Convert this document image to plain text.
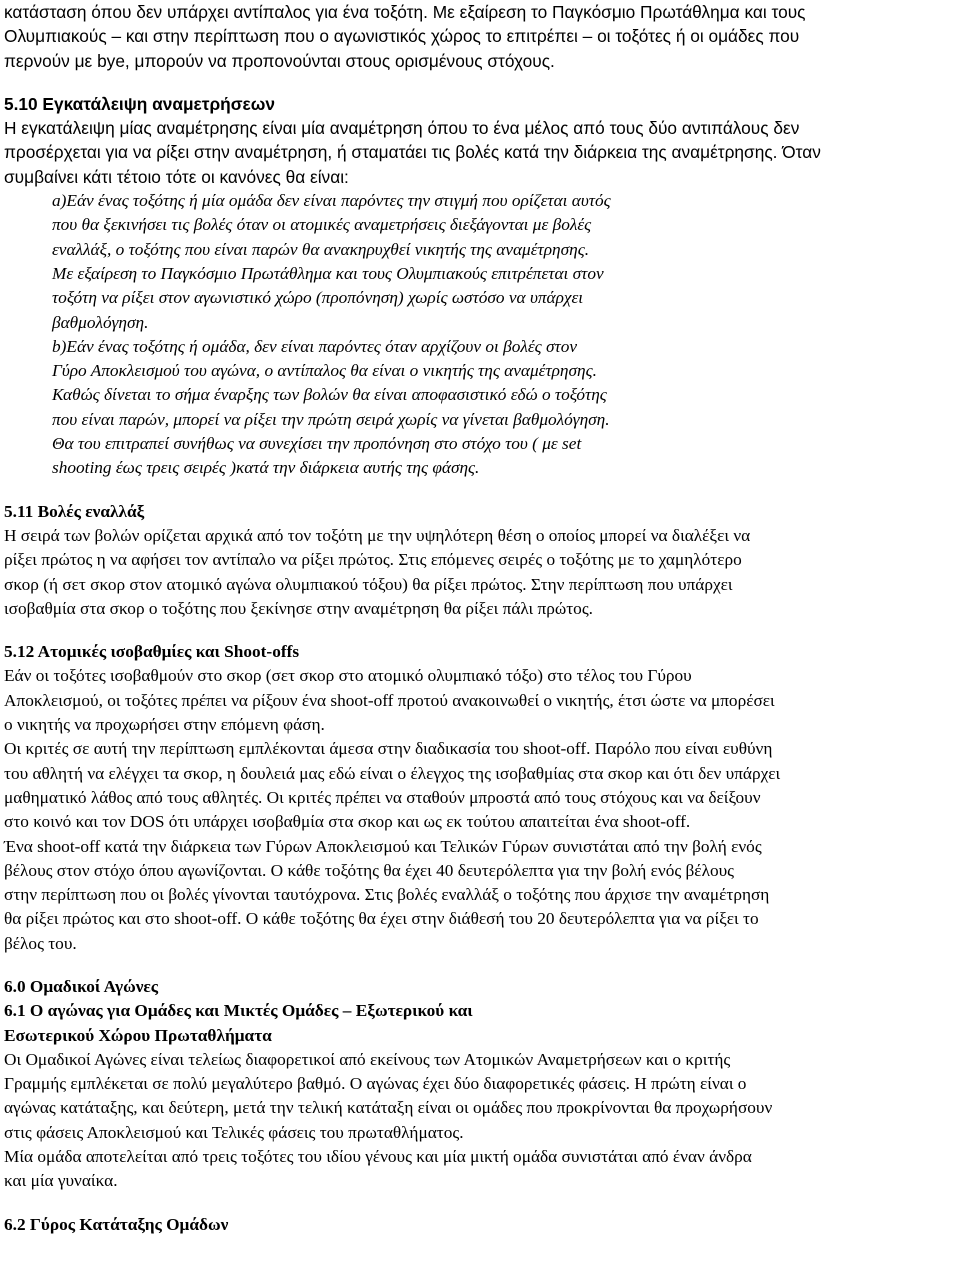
κατάσταση όπου δεν υπάρχει αντίπαλος για ένα τοξότη. Με εξαίρεση το Παγκόσμιο Πρωτάθλημα και τους
Ολυμπιακούς – και στην περίπτωση που ο αγωνιστικός χώρος το επιτρέπει – οι τοξότες ή οι ομάδες που
περνούν με bye, μπορούν να προπονούνται στους ορισμένους στόχους.
5.10 Εγκατάλειψη αναμετρήσεων
Η εγκατάλειψη μίας αναμέτρησης είναι μία αναμέτρηση όπου το ένα μέλος από τους δύο αντιπάλους δεν
προσέρχεται για να ρίξει στην αναμέτρηση, ή σταματάει τις βολές κατά την διάρκεια της αναμέτρησης. Όταν
συμβαίνει κάτι τέτοιο τότε οι κανόνες θα είναι:
a)Εάν ένας τοξότης ή μία ομάδα δεν είναι παρόντες την στιγμή που ορίζεται αυτός
που θα ξεκινήσει τις βολές όταν οι ατομικές αναμετρήσεις διεξάγονται με βολές
εναλλάξ, ο τοξότης που είναι παρών θα ανακηρυχθεί νικητής της αναμέτρησης.
Με εξαίρεση το Παγκόσμιο Πρωτάθλημα και τους Ολυμπιακούς επιτρέπεται στον
τοξότη να ρίξει στον αγωνιστικό χώρο (προπόνηση) χωρίς ωστόσο να υπάρχει
βαθμολόγηση.
b)Εάν ένας τοξότης ή ομάδα, δεν είναι παρόντες όταν αρχίζουν οι βολές στον
Γύρο Αποκλεισμού του αγώνα, ο αντίπαλος θα είναι ο νικητής της αναμέτρησης.
Καθώς δίνεται το σήμα έναρξης των βολών θα είναι αποφασιστικό εδώ ο τοξότης
που είναι παρών, μπορεί να ρίξει την πρώτη σειρά χωρίς να γίνεται βαθμολόγηση.
Θα του επιτραπεί συνήθως να συνεχίσει την προπόνηση στο στόχο του ( με set
shooting έως τρεις σειρές )κατά την διάρκεια αυτής της φάσης.
5.11 Βολές εναλλάξ
Η σειρά των βολών ορίζεται αρχικά από τον τοξότη με την υψηλότερη θέση ο οποίος μπορεί να διαλέξει να
ρίξει πρώτος η να αφήσει τον αντίπαλο να ρίξει πρώτος. Στις επόμενες σειρές ο τοξότης με το χαμηλότερο
σκορ (ή σετ σκορ στον ατομικό αγώνα ολυμπιακού τόξου) θα ρίξει πρώτος. Στην περίπτωση που υπάρχει
ισοβαθμία στα σκορ ο τοξότης που ξεκίνησε στην αναμέτρηση θα ρίξει πάλι πρώτος.
5.12 Ατομικές ισοβαθμίες και Shoot-offs
Εάν οι τοξότες ισοβαθμούν στο σκορ (σετ σκορ στο ατομικό ολυμπιακό τόξο) στο τέλος του Γύρου
Αποκλεισμού, οι τοξότες πρέπει να ρίξουν ένα shoot-off προτού ανακοινωθεί ο νικητής, έτσι ώστε να μπορέσει
ο νικητής να προχωρήσει στην επόμενη φάση.
Οι κριτές σε αυτή την περίπτωση εμπλέκονται άμεσα στην διαδικασία του shoot-off. Παρόλο που είναι ευθύνη
του αθλητή να ελέγχει τα σκορ, η δουλειά μας εδώ είναι ο έλεγχος της ισοβαθμίας στα σκορ και ότι δεν υπάρχει
μαθηματικό λάθος από τους αθλητές. Οι κριτές πρέπει να σταθούν μπροστά από τους στόχους και να δείξουν
στο κοινό και τον DOS ότι υπάρχει ισοβαθμία στα σκορ και ως εκ τούτου απαιτείται ένα shoot-off.
Ένα shoot-off κατά την διάρκεια των Γύρων Αποκλεισμού και Τελικών Γύρων συνιστάται από την βολή ενός
βέλους στον στόχο όπου αγωνίζονται. Ο κάθε τοξότης θα έχει 40 δευτερόλεπτα για την βολή ενός βέλους
στην περίπτωση που οι βολές γίνονται ταυτόχρονα. Στις βολές εναλλάξ ο τοξότης που άρχισε την αναμέτρηση
θα ρίξει πρώτος και στο shoot-off. Ο κάθε τοξότης θα έχει στην διάθεσή του 20 δευτερόλεπτα για να ρίξει το
βέλος του.
6.0 Ομαδικοί Αγώνες
6.1 Ο αγώνας για Ομάδες και Μικτές Ομάδες – Εξωτερικού και
Εσωτερικού Χώρου Πρωταθλήματα
Οι Ομαδικοί Αγώνες είναι τελείως διαφορετικοί από εκείνους των Ατομικών Αναμετρήσεων και ο κριτής
Γραμμής εμπλέκεται σε πολύ μεγαλύτερο βαθμό. Ο αγώνας έχει δύο διαφορετικές φάσεις. Η πρώτη είναι ο
αγώνας κατάταξης, και δεύτερη, μετά την τελική κατάταξη είναι οι ομάδες που προκρίνονται θα προχωρήσουν
στις φάσεις Αποκλεισμού και Τελικές φάσεις του πρωταθλήματος.
Μία ομάδα αποτελείται από τρεις τοξότες του ιδίου γένους και μία μικτή ομάδα συνιστάται από έναν άνδρα
και μία γυναίκα.
6.2 Γύρος Κατάταξης Ομάδων
